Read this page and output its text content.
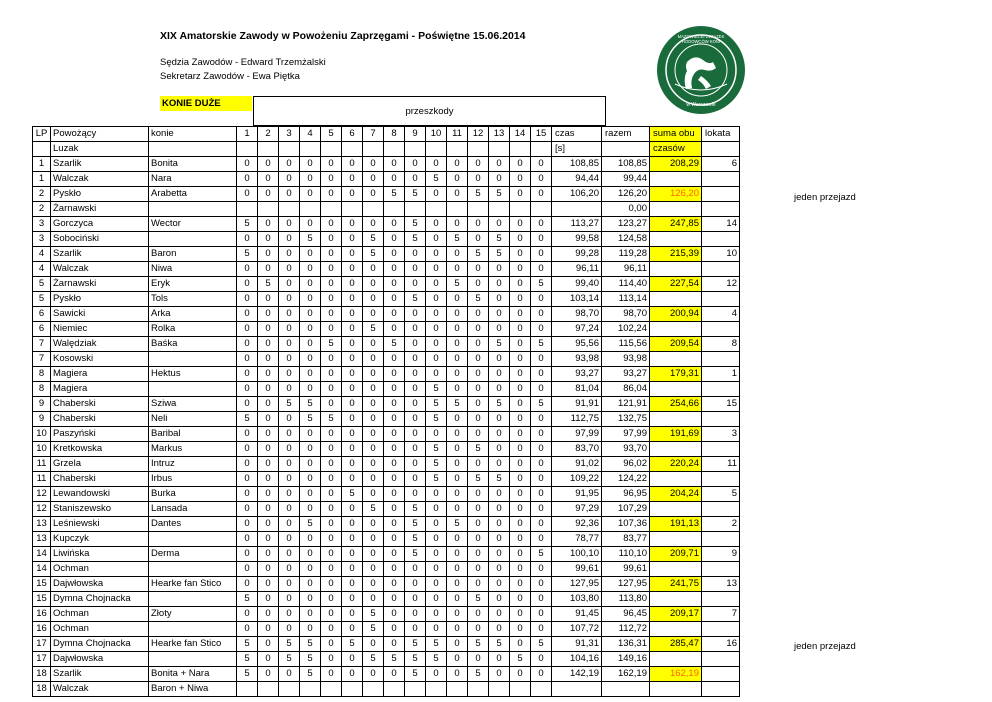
XIX Amatorskie Zawody w Powożeniu Zaprzęgami - Poświętne 15.06.2014
Sędzia Zawodów - Edward Trzemżalski
Sekretarz Zawodów - Ewa Piętka
MAZOWIECKI ZWIĄZEK
HODOWCÓW KONI
w Warszawie
KONIE DUŻE
przeszkody
LP	Powożący	konie	1	2	3	4	5	6	7	8	9	10	11	12	13	14	15	czas	razem	suma obu	lokata
	Luzak																	[s]		czasów	
1	Szarlik	Bonita	0	0	0	0	0	0	0	0	0	0	0	0	0	0	0	108,85	108,85	208,29	6
1	Walczak	Nara	0	0	0	0	0	0	0	0	0	5	0	0	0	0	0	94,44	99,44		
2	Pyskło	Arabetta	0	0	0	0	0	0	0	5	5	0	0	5	5	0	0	106,20	126,20	126,20	
2	Żarnawski																		0,00		
3	Gorczyca	Wector	5	0	0	0	0	0	0	0	5	0	0	0	0	0	0	113,27	123,27	247,85	14
3	Sobociński		0	0	0	5	0	0	5	0	5	0	5	0	5	0	0	99,58	124,58		
4	Szarlik	Baron	5	0	0	0	0	0	5	0	0	0	0	5	5	0	0	99,28	119,28	215,39	10
4	Walczak	Niwa	0	0	0	0	0	0	0	0	0	0	0	0	0	0	0	96,11	96,11		
5	Żarnawski	Eryk	0	5	0	0	0	0	0	0	0	0	5	0	0	0	5	99,40	114,40	227,54	12
5	Pyskło	Tols	0	0	0	0	0	0	0	0	5	0	0	5	0	0	0	103,14	113,14		
6	Sawicki	Arka	0	0	0	0	0	0	0	0	0	0	0	0	0	0	0	98,70	98,70	200,94	4
6	Niemiec	Rolka	0	0	0	0	0	0	5	0	0	0	0	0	0	0	0	97,24	102,24		
7	Walędziak	Baśka	0	0	0	0	5	0	0	5	0	0	0	0	5	0	5	95,56	115,56	209,54	8
7	Kosowski		0	0	0	0	0	0	0	0	0	0	0	0	0	0	0	93,98	93,98		
8	Magiera	Hektus	0	0	0	0	0	0	0	0	0	0	0	0	0	0	0	93,27	93,27	179,31	1
8	Magiera		0	0	0	0	0	0	0	0	0	5	0	0	0	0	0	81,04	86,04		
9	Chaberski	Sziwa	0	0	5	5	0	0	0	0	0	5	5	0	5	0	5	91,91	121,91	254,66	15
9	Chaberski	Neli	5	0	0	5	5	0	0	0	0	5	0	0	0	0	0	112,75	132,75		
10	Paszyński	Baribal	0	0	0	0	0	0	0	0	0	0	0	0	0	0	0	97,99	97,99	191,69	3
10	Kretkowska	Markus	0	0	0	0	0	0	0	0	0	5	0	5	0	0	0	83,70	93,70		
11	Grzela	Intruz	0	0	0	0	0	0	0	0	0	5	0	0	0	0	0	91,02	96,02	220,24	11
11	Chaberski	Irbus	0	0	0	0	0	0	0	0	0	5	0	5	5	0	0	109,22	124,22		
12	Lewandowski	Burka	0	0	0	0	0	5	0	0	0	0	0	0	0	0	0	91,95	96,95	204,24	5
12	Staniszewsko	Lansada	0	0	0	0	0	0	5	0	5	0	0	0	0	0	0	97,29	107,29		
13	Leśniewski	Dantes	0	0	0	5	0	0	0	0	5	0	5	0	0	0	0	92,36	107,36	191,13	2
13	Kupczyk		0	0	0	0	0	0	0	0	5	0	0	0	0	0	0	78,77	83,77		
14	Liwińska	Derma	0	0	0	0	0	0	0	0	5	0	0	0	0	0	5	100,10	110,10	209,71	9
14	Ochman		0	0	0	0	0	0	0	0	0	0	0	0	0	0	0	99,61	99,61		
15	Dajwłowska	Hearke fan Stico	0	0	0	0	0	0	0	0	0	0	0	0	0	0	0	127,95	127,95	241,75	13
15	Dymna Chojnacka		5	0	0	0	0	0	0	0	0	0	0	5	0	0	0	103,80	113,80		
16	Ochman	Złoty	0	0	0	0	0	0	5	0	0	0	0	0	0	0	0	91,45	96,45	209,17	7
16	Ochman		0	0	0	0	0	0	5	0	0	0	0	0	0	0	0	107,72	112,72		
17	Dymna Chojnacka	Hearke fan Stico	5	0	5	5	0	5	0	0	5	5	0	5	5	0	5	91,31	136,31	285,47	16
17	Dajwłowska		5	0	5	5	0	0	5	5	5	5	0	0	0	5	0	104,16	149,16		
18	Szarlik	Bonita + Nara	5	0	0	5	0	0	0	0	5	0	0	5	0	0	0	142,19	162,19	162,19	
18	Walczak	Baron + Niwa																			
jeden przejazd
jeden przejazd
